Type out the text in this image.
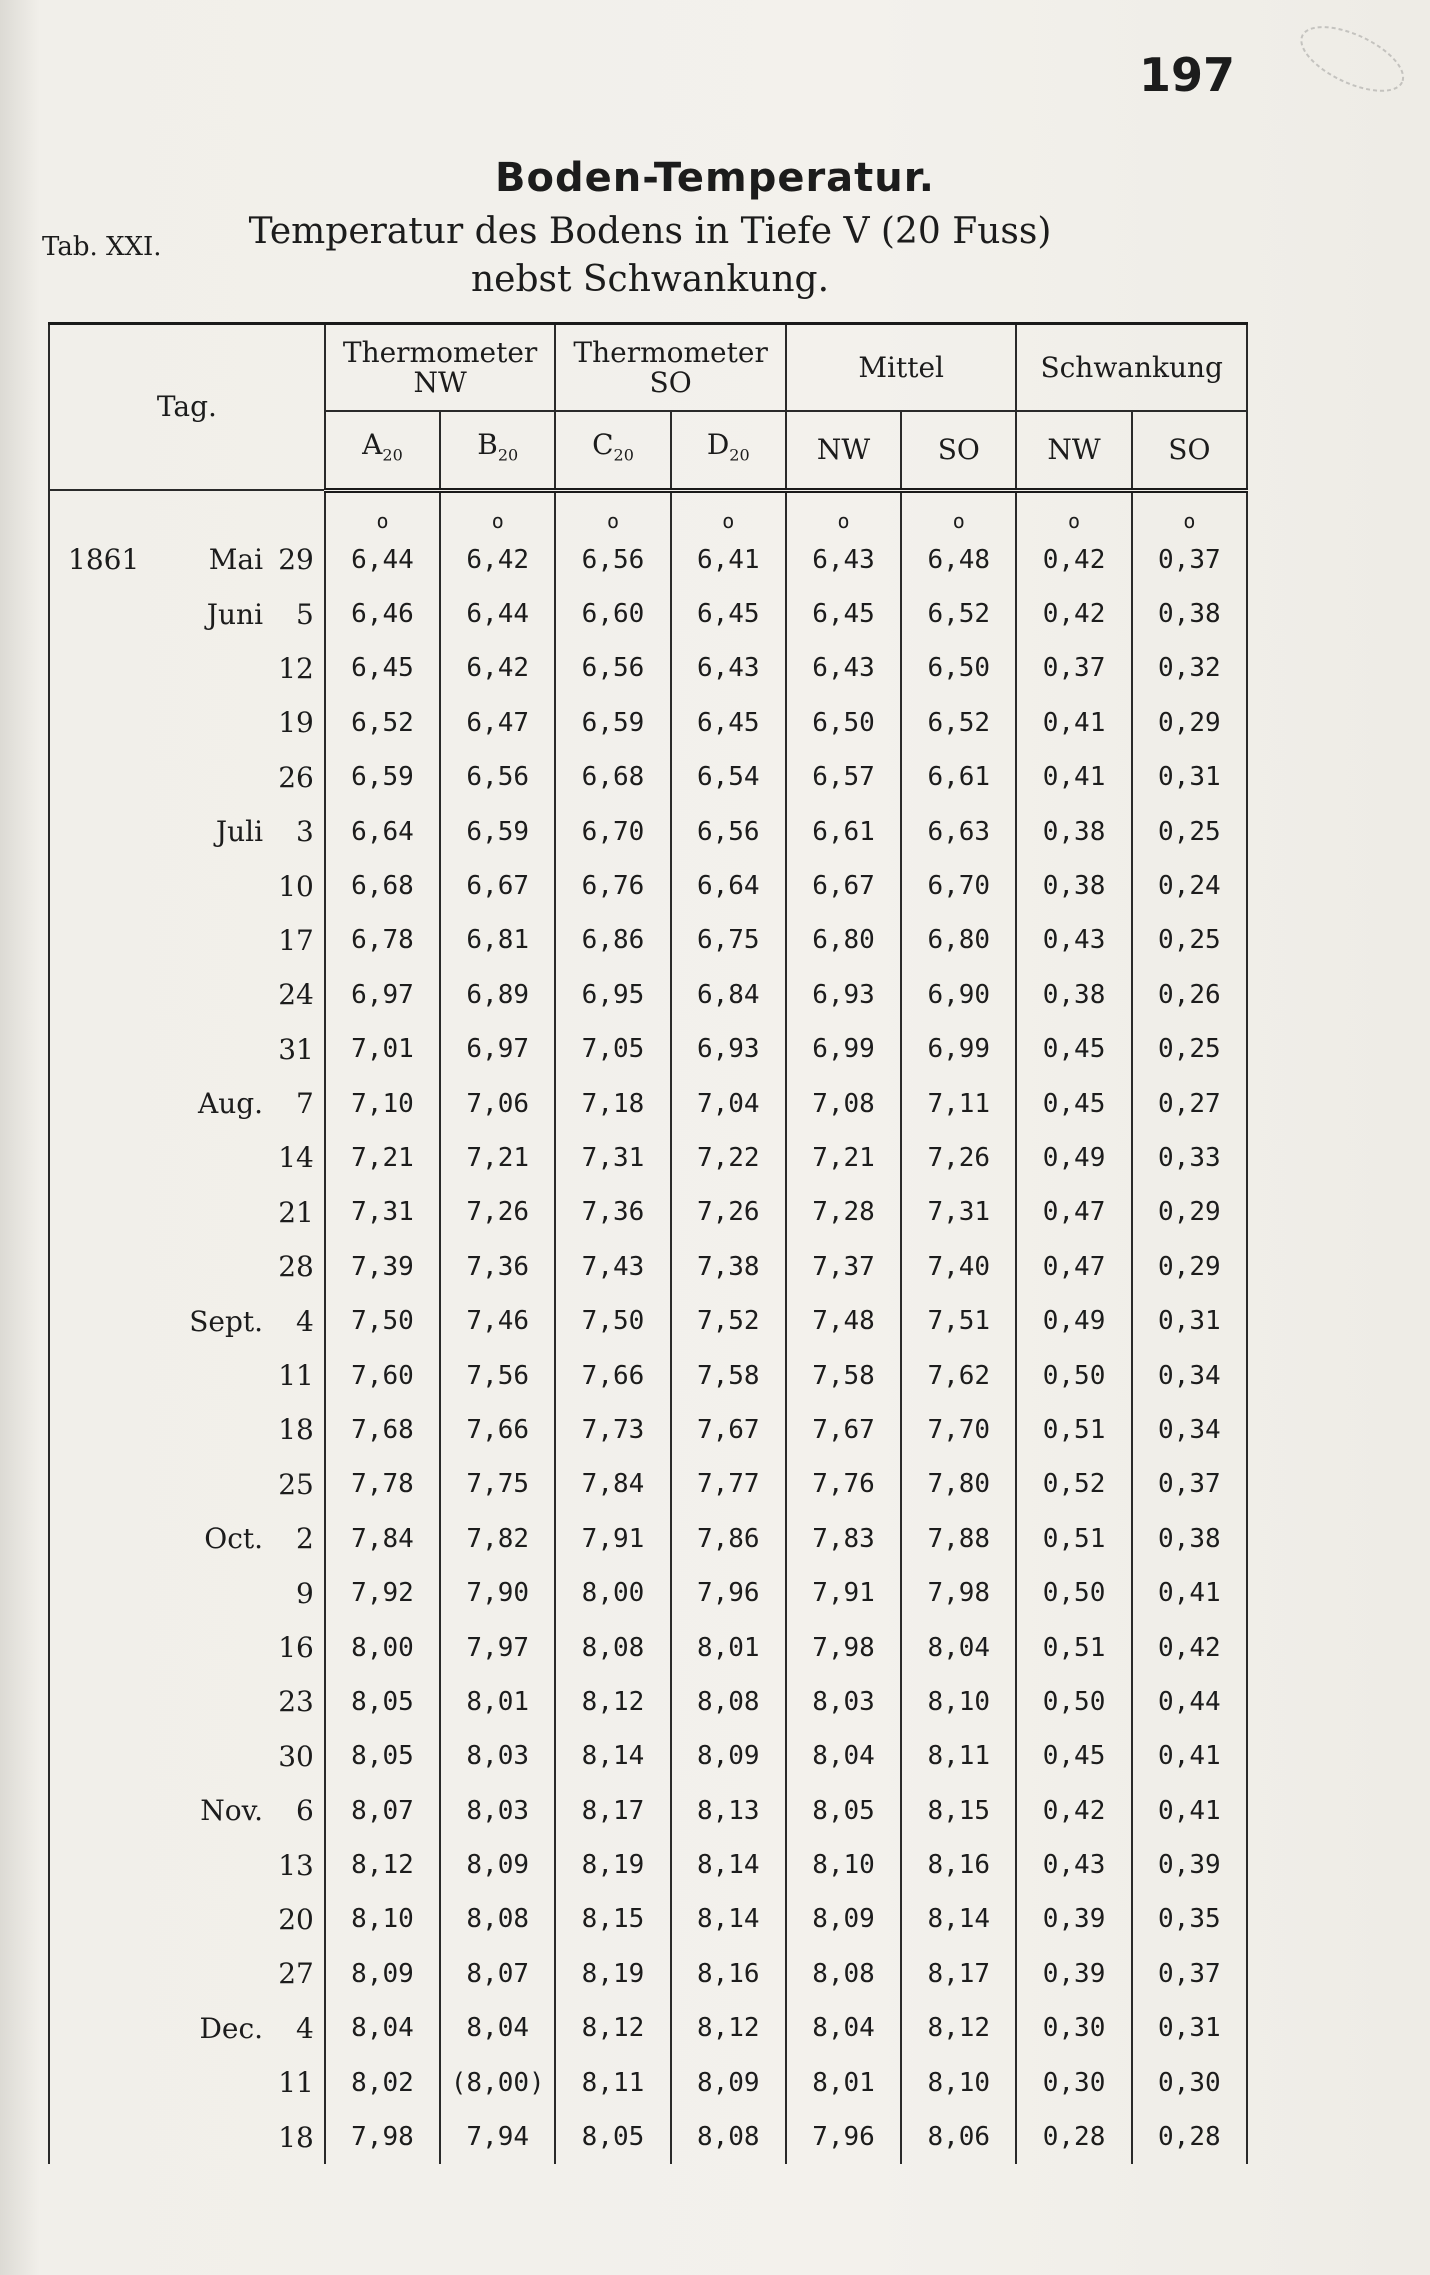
197
Boden-Temperatur.
Tab. XXI.	Temperatur des Bodens in Tiefe V (20 Fuss)
nebst Schwankung.
Tag.			Thermometer NW		Thermometer SO		Mittel		Schwankung	
			$A_{20}$	$B_{20}$	$C_{20}$	$D_{20}$	NW	SO	NW	SO
			o	o	o	o	o	o	o	o
1861	Mai	29	6,44	6,42	6,56	6,41	6,43	6,48	0,42	0,37
	Juni	5	6,46	6,44	6,60	6,45	6,45	6,52	0,42	0,38
		12	6,45	6,42	6,56	6,43	6,43	6,50	0,37	0,32
		19	6,52	6,47	6,59	6,45	6,50	6,52	0,41	0,29
		26	6,59	6,56	6,68	6,54	6,57	6,61	0,41	0,31
	Juli	3	6,64	6,59	6,70	6,56	6,61	6,63	0,38	0,25
		10	6,68	6,67	6,76	6,64	6,67	6,70	0,38	0,24
		17	6,78	6,81	6,86	6,75	6,80	6,80	0,43	0,25
		24	6,97	6,89	6,95	6,84	6,93	6,90	0,38	0,26
		31	7,01	6,97	7,05	6,93	6,99	6,99	0,45	0,25
	Aug.	7	7,10	7,06	7,18	7,04	7,08	7,11	0,45	0,27
		14	7,21	7,21	7,31	7,22	7,21	7,26	0,49	0,33
		21	7,31	7,26	7,36	7,26	7,28	7,31	0,47	0,29
		28	7,39	7,36	7,43	7,38	7,37	7,40	0,47	0,29
	Sept.	4	7,50	7,46	7,50	7,52	7,48	7,51	0,49	0,31
		11	7,60	7,56	7,66	7,58	7,58	7,62	0,50	0,34
		18	7,68	7,66	7,73	7,67	7,67	7,70	0,51	0,34
		25	7,78	7,75	7,84	7,77	7,76	7,80	0,52	0,37
	Oct.	2	7,84	7,82	7,91	7,86	7,83	7,88	0,51	0,38
		9	7,92	7,90	8,00	7,96	7,91	7,98	0,50	0,41
		16	8,00	7,97	8,08	8,01	7,98	8,04	0,51	0,42
		23	8,05	8,01	8,12	8,08	8,03	8,10	0,50	0,44
		30	8,05	8,03	8,14	8,09	8,04	8,11	0,45	0,41
	Nov.	6	8,07	8,03	8,17	8,13	8,05	8,15	0,42	0,41
		13	8,12	8,09	8,19	8,14	8,10	8,16	0,43	0,39
		20	8,10	8,08	8,15	8,14	8,09	8,14	0,39	0,35
		27	8,09	8,07	8,19	8,16	8,08	8,17	0,39	0,37
	Dec.	4	8,04	8,04	8,12	8,12	8,04	8,12	0,30	0,31
		11	8,02	(8,00)	8,11	8,09	8,01	8,10	0,30	0,30
		18	7,98	7,94	8,05	8,08	7,96	8,06	0,28	0,28
